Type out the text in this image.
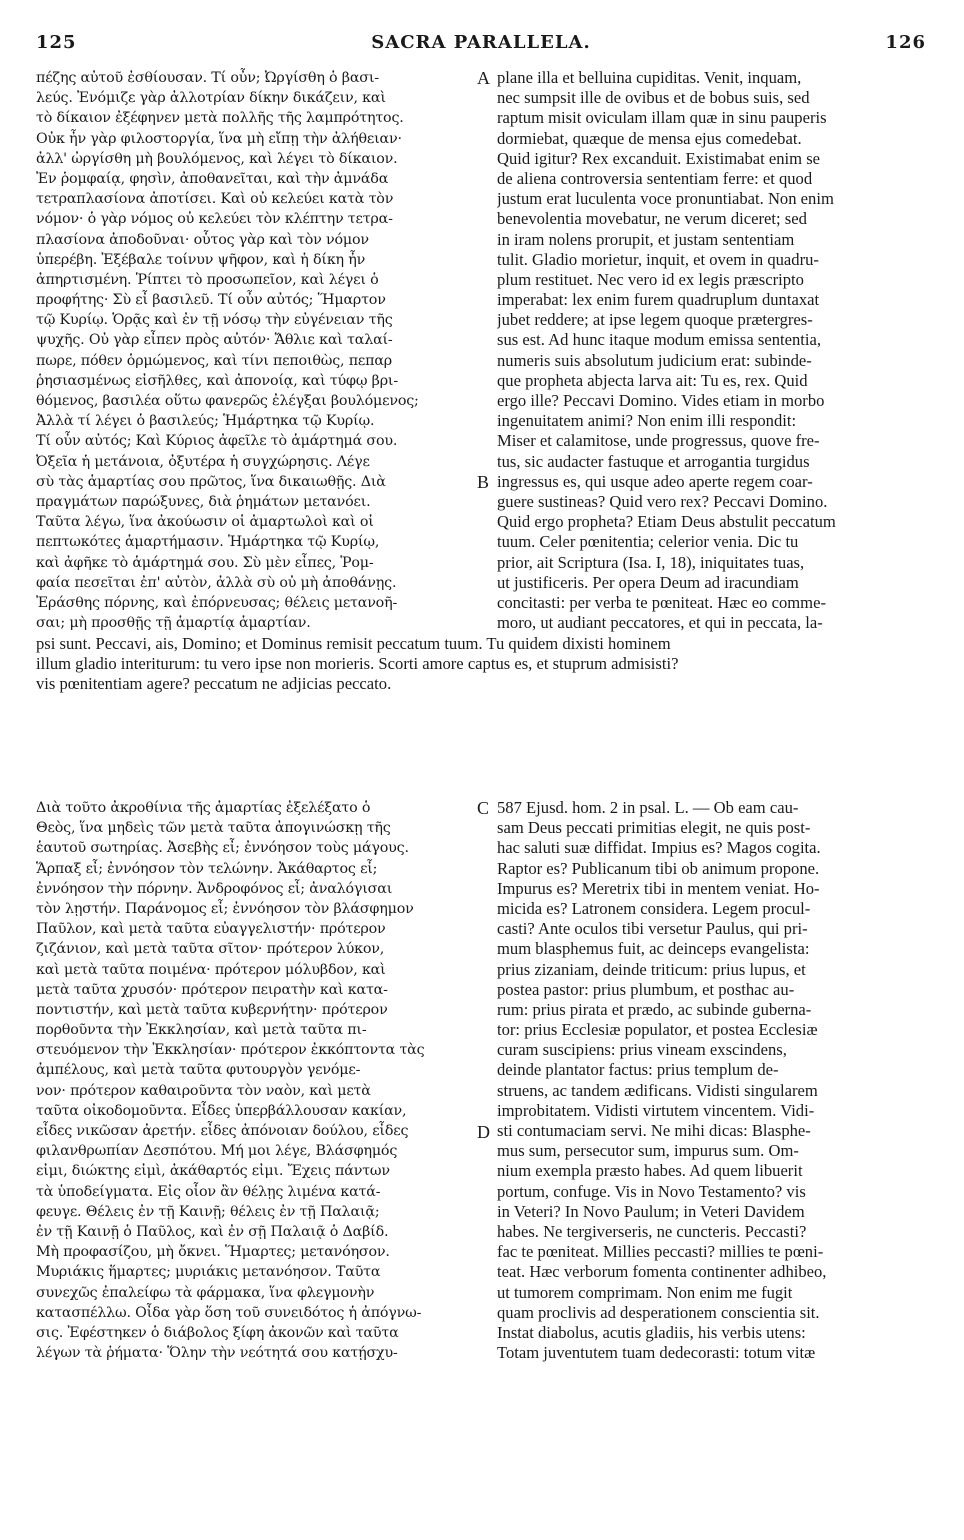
125	SACRA PARALLELA.	126
A
B
C
D
πέζης αὐτοῦ ἐσθίουσαν. Τί οὖν; Ὠργίσθη ὁ βασι-
λεύς. Ἐνόμιζε γὰρ ἀλλοτρίαν δίκην δικάζειν, καὶ
τὸ δίκαιον ἐξέφηνεν μετὰ πολλῆς τῆς λαμπρότητος.
Οὐκ ἦν γὰρ φιλοστοργία, ἵνα μὴ εἴπῃ τὴν ἀλήθειαν·
ἀλλ' ὠργίσθη μὴ βουλόμενος, καὶ λέγει τὸ δίκαιον.
Ἐν ῥομφαίᾳ, φησὶν, ἀποθανεῖται, καὶ τὴν ἀμνάδα
τετραπλασίονα ἀποτίσει. Καὶ οὐ κελεύει κατὰ τὸν
νόμον· ὁ γὰρ νόμος οὐ κελεύει τὸν κλέπτην τετρα-
πλασίονα ἀποδοῦναι· οὗτος γὰρ καὶ τὸν νόμον
ὑπερέβη. Ἐξέβαλε τοίνυν ψῆφον, καὶ ἡ δίκη ἦν
ἀπηρτισμένη. Ῥίπτει τὸ προσωπεῖον, καὶ λέγει ὁ
προφήτης· Σὺ εἶ βασιλεῦ. Τί οὖν αὐτός; Ἥμαρτον
τῷ Κυρίῳ. Ὁρᾷς καὶ ἐν τῇ νόσῳ τὴν εὐγένειαν τῆς
ψυχῆς. Οὐ γὰρ εἶπεν πρὸς αὐτόν· Ἄθλιε καὶ ταλαί-
πωρε, πόθεν ὁρμώμενος, καὶ τίνι πεποιθὼς, πεπαρ
ῥησιασμένως εἰσῆλθες, καὶ ἀπονοίᾳ, καὶ τύφῳ βρι-
θόμενος, βασιλέα οὕτω φανερῶς ἐλέγξαι βουλόμενος;
Ἀλλὰ τί λέγει ὁ βασιλεύς; Ἡμάρτηκα τῷ Κυρίῳ.
Τί οὖν αὐτός; Καὶ Κύριος ἀφεῖλε τὸ ἁμάρτημά σου.
Ὀξεῖα ἡ μετάνοια, ὀξυτέρα ἡ συγχώρησις. Λέγε
σὺ τὰς ἁμαρτίας σου πρῶτος, ἵνα δικαιωθῇς. Διὰ
πραγμάτων παρώξυνες, διὰ ῥημάτων μετανόει.
Ταῦτα λέγω, ἵνα ἀκούωσιν οἱ ἁμαρτωλοὶ καὶ οἱ
πεπτωκότες ἁμαρτήμασιν. Ἡμάρτηκα τῷ Κυρίῳ,
καὶ ἀφῆκε τὸ ἁμάρτημά σου. Σὺ μὲν εἶπες, Ῥομ-
φαία πεσεῖται ἐπ' αὐτὸν, ἀλλὰ σὺ οὐ μὴ ἀποθάνῃς.
Ἐράσθης πόρνης, καὶ ἐπόρνευσας; θέλεις μετανοῆ-
σαι; μὴ προσθῇς τῇ ἁμαρτίᾳ ἁμαρτίαν.
plane illa et belluina cupiditas. Venit, inquam,
nec sumpsit ille de ovibus et de bobus suis, sed
raptum misit oviculam illam quæ in sinu pauperis
dormiebat, quæque de mensa ejus comedebat.
Quid igitur? Rex excanduit. Existimabat enim se
de aliena controversia sententiam ferre: et quod
justum erat luculenta voce pronuntiabat. Non enim
benevolentia movebatur, ne verum diceret; sed
in iram nolens prorupit, et justam sententiam
tulit. Gladio morietur, inquit, et ovem in quadru-
plum restituet. Nec vero id ex legis præscripto
imperabat: lex enim furem quadruplum duntaxat
jubet reddere; at ipse legem quoque prætergres-
sus est. Ad hunc itaque modum emissa sententia,
numeris suis absolutum judicium erat: subinde-
que propheta abjecta larva ait: Tu es, rex. Quid
ergo ille? Peccavi Domino. Vides etiam in morbo
ingenuitatem animi? Non enim illi respondit:
Miser et calamitose, unde progressus, quove fre-
tus, sic audacter fastuque et arrogantia turgidus
ingressus es, qui usque adeo aperte regem coar-
guere sustineas? Quid vero rex? Peccavi Domino.
Quid ergo propheta? Etiam Deus abstulit peccatum
tuum. Celer pœnitentia; celerior venia. Dic tu
prior, ait Scriptura (Isa. I, 18), iniquitates tuas,
ut justificeris. Per opera Deum ad iracundiam
concitasti: per verba te pœniteat. Hæc eo comme-
moro, ut audiant peccatores, et qui in peccata, la-
psi sunt. Peccavi, ais, Domino; et Dominus remisit peccatum tuum. Tu quidem dixisti hominem
illum gladio interiturum: tu vero ipse non morieris. Scorti amore captus es, et stuprum admisisti?
vis pœnitentiam agere? peccatum ne adjicias peccato.
Διὰ τοῦτο ἀκροθίνια τῆς ἁμαρτίας ἐξελέξατο ὁ
Θεὸς, ἵνα μηδεὶς τῶν μετὰ ταῦτα ἀπογινώσκῃ τῆς
ἑαυτοῦ σωτηρίας. Ἀσεβὴς εἶ; ἐννόησον τοὺς μάγους.
Ἅρπαξ εἶ; ἐννόησον τὸν τελώνην. Ἀκάθαρτος εἶ;
ἐννόησον τὴν πόρνην. Ἀνδροφόνος εἶ; ἀναλόγισαι
τὸν λῃστήν. Παράνομος εἶ; ἐννόησον τὸν βλάσφημον
Παῦλον, καὶ μετὰ ταῦτα εὐαγγελιστήν· πρότερον
ζιζάνιον, καὶ μετὰ ταῦτα σῖτον· πρότερον λύκον,
καὶ μετὰ ταῦτα ποιμένα· πρότερον μόλυβδον, καὶ
μετὰ ταῦτα χρυσόν· πρότερον πειρατὴν καὶ κατα-
ποντιστήν, καὶ μετὰ ταῦτα κυβερνήτην· πρότερον
πορθοῦντα τὴν Ἐκκλησίαν, καὶ μετὰ ταῦτα πι-
στευόμενον τὴν Ἐκκλησίαν· πρότερον ἐκκόπτοντα τὰς
ἀμπέλους, καὶ μετὰ ταῦτα φυτουργὸν γενόμε-
νον· πρότερον καθαιροῦντα τὸν ναὸν, καὶ μετὰ
ταῦτα οἰκοδομοῦντα. Εἶδες ὑπερβάλλουσαν κακίαν,
εἶδες νικῶσαν ἀρετήν. εἶδες ἀπόνοιαν δούλου, εἶδες
φιλανθρωπίαν Δεσπότου. Μή μοι λέγε, Βλάσφημός
εἰμι, διώκτης εἰμὶ, ἀκάθαρτός εἰμι. Ἔχεις πάντων
τὰ ὑποδείγματα. Εἰς οἷον ἂν θέλῃς λιμένα κατά-
φευγε. Θέλεις ἐν τῇ Καινῇ; θέλεις ἐν τῇ Παλαιᾷ;
ἐν τῇ Καινῇ ὁ Παῦλος, καὶ ἐν σῇ Παλαιᾷ ὁ Δαβίδ.
Μὴ προφασίζου, μὴ ὄκνει. Ἥμαρτες; μετανόησον.
Μυριάκις ἥμαρτες; μυριάκις μετανόησον. Ταῦτα
συνεχῶς ἐπαλείφω τὰ φάρμακα, ἵνα φλεγμονὴν
κατασπέλλω. Οἶδα γὰρ ὅση τοῦ συνειδότος ἡ ἀπόγνω-
σις. Ἐφέστηκεν ὁ διάβολος ξίφη ἀκονῶν καὶ ταῦτα
λέγων τὰ ῥήματα· Ὅλην τὴν νεότητά σου κατῄσχυ-
587 Ejusd. hom. 2 in psal. L. — Ob eam cau-
sam Deus peccati primitias elegit, ne quis post-
hac saluti suæ diffidat. Impius es? Magos cogita.
Raptor es? Publicanum tibi ob animum propone.
Impurus es? Meretrix tibi in mentem veniat. Ho-
micida es? Latronem considera. Legem procul-
casti? Ante oculos tibi versetur Paulus, qui pri-
mum blasphemus fuit, ac deinceps evangelista:
prius zizaniam, deinde triticum: prius lupus, et
postea pastor: prius plumbum, et posthac au-
rum: prius pirata et prædo, ac subinde guberna-
tor: prius Ecclesiæ populator, et postea Ecclesiæ
curam suscipiens: prius vineam exscindens,
deinde plantator factus: prius templum de-
struens, ac tandem ædificans. Vidisti singularem
improbitatem. Vidisti virtutem vincentem. Vidi-
sti contumaciam servi. Ne mihi dicas: Blasphe-
mus sum, persecutor sum, impurus sum. Om-
nium exempla præsto habes. Ad quem libuerit
portum, confuge. Vis in Novo Testamento? vis
in Veteri? In Novo Paulum; in Veteri Davidem
habes. Ne tergiverseris, ne cuncteris. Peccasti?
fac te pœniteat. Millies peccasti? millies te pœni-
teat. Hæc verborum fomenta continenter adhibeo,
ut tumorem comprimam. Non enim me fugit
quam proclivis ad desperationem conscientia sit.
Instat diabolus, acutis gladiis, his verbis utens:
Totam juventutem tuam dedecorasti: totum vitæ
